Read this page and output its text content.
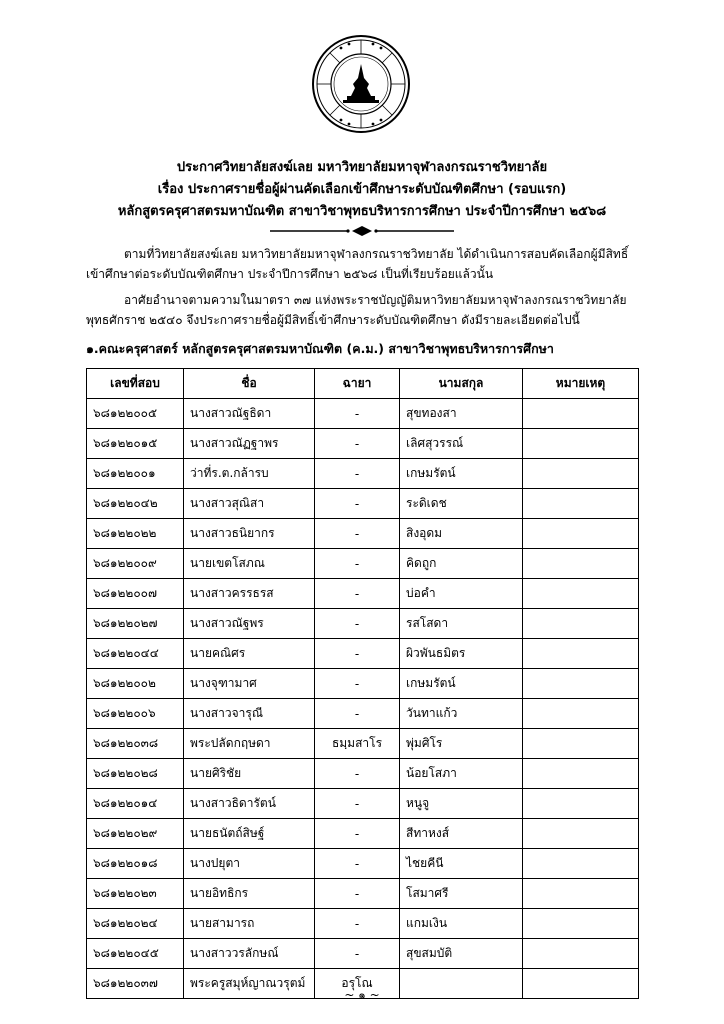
ประกาศวิทยาลัยสงฆ์เลย มหาวิทยาลัยมหาจุฬาลงกรณราชวิทยาลัย
เรื่อง ประกาศรายชื่อผู้ผ่านคัดเลือกเข้าศึกษาระดับบัณฑิตศึกษา (รอบแรก)
หลักสูตรครุศาสตรมหาบัณฑิต สาขาวิชาพุทธบริหารการศึกษา ประจำปีการศึกษา ๒๕๖๘
ตามที่วิทยาลัยสงฆ์เลย มหาวิทยาลัยมหาจุฬาลงกรณราชวิทยาลัย ได้ดำเนินการสอบคัดเลือกผู้มีสิทธิ์
เข้าศึกษาต่อระดับบัณฑิตศึกษา ประจำปีการศึกษา ๒๕๖๘ เป็นที่เรียบร้อยแล้วนั้น
อาศัยอำนาจตามความในมาตรา ๓๗ แห่งพระราชบัญญัติมหาวิทยาลัยมหาจุฬาลงกรณราชวิทยาลัย
พุทธศักราช ๒๕๔๐ จึงประกาศรายชื่อผู้มีสิทธิ์เข้าศึกษาระดับบัณฑิตศึกษา ดังมีรายละเอียดต่อไปนี้
๑.คณะครุศาสตร์ หลักสูตรครุศาสตรมหาบัณฑิต (ค.ม.) สาขาวิชาพุทธบริหารการศึกษา
เลขที่สอบ	ชื่อ	ฉายา	นามสกุล	หมายเหตุ
๖๘๑๒๒๐๐๕	นางสาวณัฐธิดา	-	สุขทองสา	
๖๘๑๒๒๐๑๕	นางสาวณัฏฐาพร	-	เลิศสุวรรณ์	
๖๘๑๒๒๐๐๑	ว่าที่ร.ต.กล้ารบ	-	เกษมรัตน์	
๖๘๑๒๒๐๔๒	นางสาวสุณิสา	-	ระดิเดช	
๖๘๑๒๒๐๒๒	นางสาวธนิยากร	-	สิงอุดม	
๖๘๑๒๒๐๐๙	นายเขตโสภณ	-	คิดถูก	
๖๘๑๒๒๐๐๗	นางสาวครรธรส	-	บ่อคำ	
๖๘๑๒๒๐๒๗	นางสาวณัฐพร	-	รสโสดา	
๖๘๑๒๒๐๔๔	นายคณิศร	-	ผิวพันธมิตร	
๖๘๑๒๒๐๐๒	นางจุฑามาศ	-	เกษมรัตน์	
๖๘๑๒๒๐๐๖	นางสาวจารุณี	-	วันทาแก้ว	
๖๘๑๒๒๐๓๘	พระปลัดกฤษดา	ธมฺมสาโร	พุ่มศิโร	
๖๘๑๒๒๐๒๘	นายศิริชัย	-	น้อยโสภา	
๖๘๑๒๒๐๑๔	นางสาวธิดารัตน์	-	หนูจู	
๖๘๑๒๒๐๒๙	นายธนัตถ์สิษฐ์	-	สีทาหงส์	
๖๘๑๒๒๐๑๘	นางปยุตา	-	ไชยคีนี	
๖๘๑๒๒๐๒๓	นายอิทธิกร	-	โสมาศรี	
๖๘๑๒๒๐๒๔	นายสามารถ	-	แกมเงิน	
๖๘๑๒๒๐๔๕	นางสาววรลักษณ์	-	สุขสมบัติ	
๖๘๑๒๒๐๓๗	พระครูสมุห์ญาณวรุตม์	อรุโณ		
~ ๑ ~
